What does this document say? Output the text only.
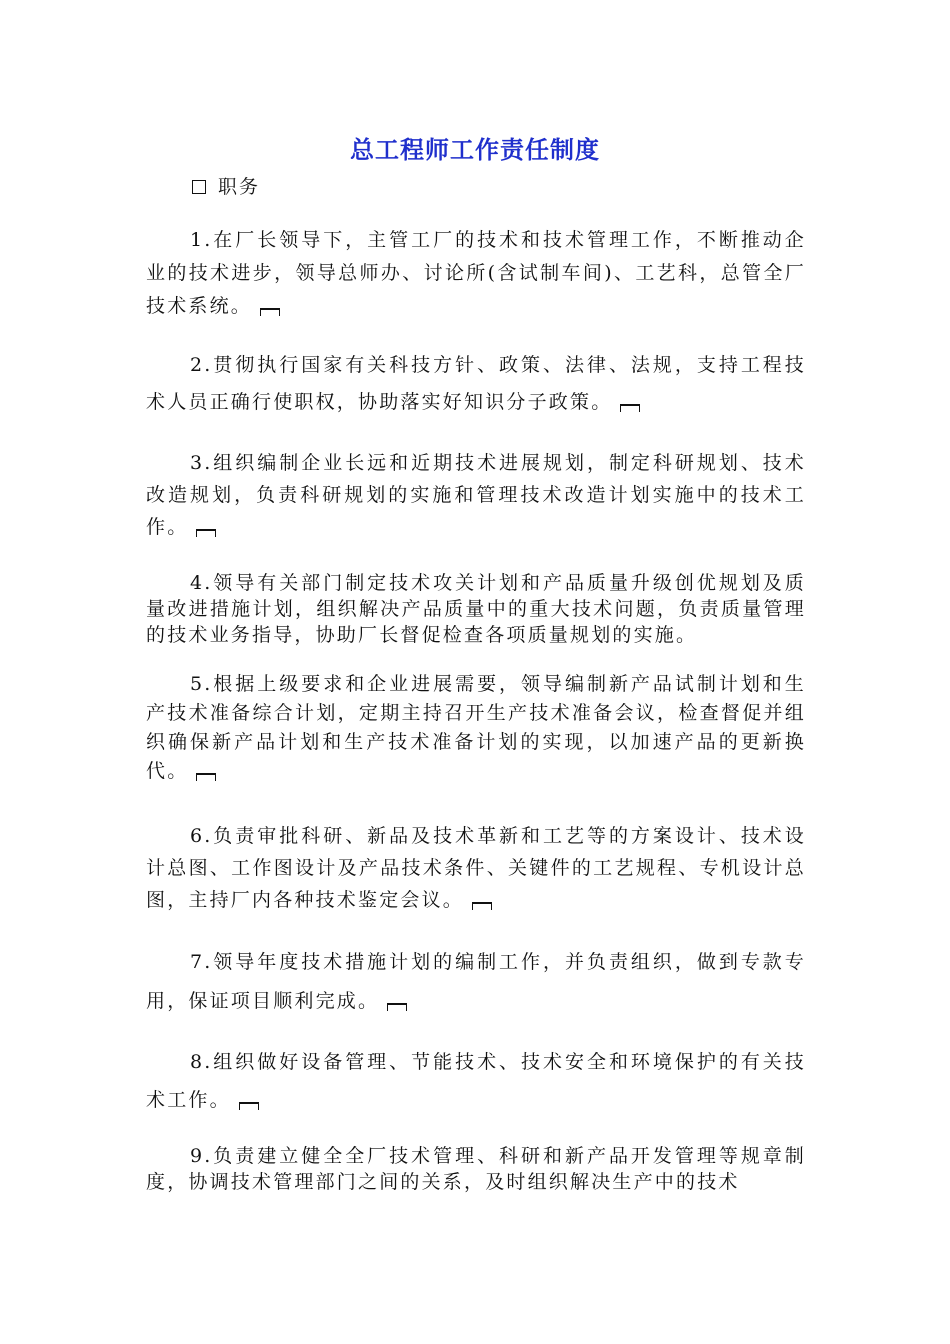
总工程师工作责任制度
职务

1.在厂长领导下，主管工厂的技术和技术管理工作，不断推动企业的技术进步，领导总师办、讨论所(含试制车间)、工艺科，总管全厂技术系统。

2.贯彻执行国家有关科技方针、政策、法律、法规，支持工程技术人员正确行使职权，协助落实好知识分子政策。

3.组织编制企业长远和近期技术进展规划，制定科研规划、技术改造规划，负责科研规划的实施和管理技术改造计划实施中的技术工作。

4.领导有关部门制定技术攻关计划和产品质量升级创优规划及质量改进措施计划，组织解决产品质量中的重大技术问题，负责质量管理的技术业务指导，协助厂长督促检查各项质量规划的实施。

5.根据上级要求和企业进展需要，领导编制新产品试制计划和生产技术准备综合计划，定期主持召开生产技术准备会议，检查督促并组织确保新产品计划和生产技术准备计划的实现，以加速产品的更新换代。

6.负责审批科研、新品及技术革新和工艺等的方案设计、技术设计总图、工作图设计及产品技术条件、关键件的工艺规程、专机设计总图，主持厂内各种技术鉴定会议。

7.领导年度技术措施计划的编制工作，并负责组织，做到专款专用，保证项目顺利完成。

8.组织做好设备管理、节能技术、技术安全和环境保护的有关技术工作。

9.负责建立健全全厂技术管理、科研和新产品开发管理等规章制度，协调技术管理部门之间的关系，及时组织解决生产中的技术
